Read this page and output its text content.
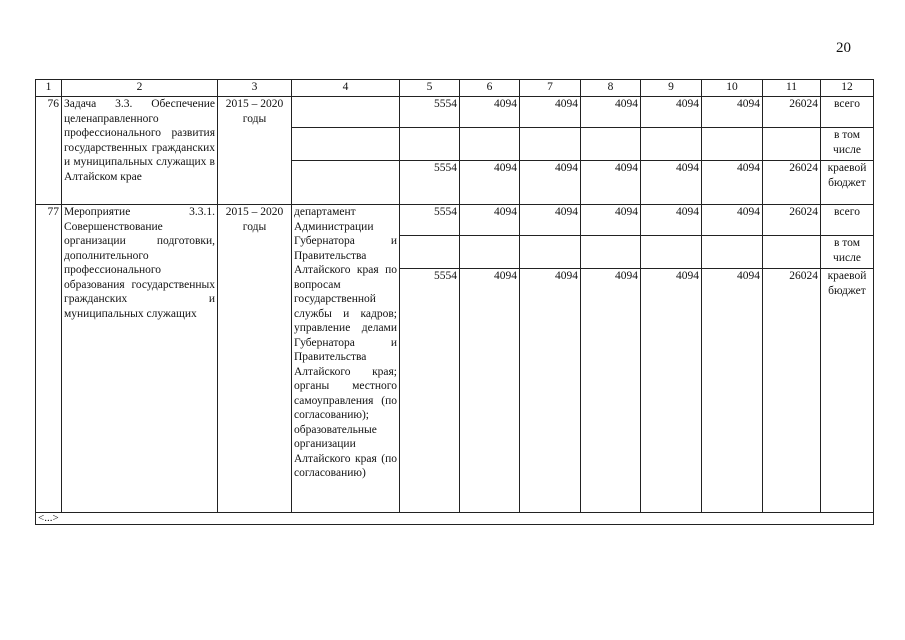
20
1	2	3	4	5	6	7	8	9	10	11	12
76	Задача 3.3. Обеспечение целенаправленного профессионального развития государственных гражданских и муниципальных служащих в Алтайском крае	2015 – 2020 годы		5554	4094	4094	4094	4094	4094	26024	всего
											в том числе
				5554	4094	4094	4094	4094	4094	26024	краевой бюджет
77	Мероприятие 3.3.1. Совершенствование организации подготовки, дополнительного профессионального образования государственных гражданских и муниципальных служащих	2015 – 2020 годы	департамент Администрации Губернатора и Правительства Алтайского края по вопросам государственной службы и кадров; управление делами Губернатора и Правительства Алтайского края; органы местного самоуправления (по согласованию); образовательные организации Алтайского края (по согласованию)	5554	4094	4094	4094	4094	4094	26024	всего
											в том числе
				5554	4094	4094	4094	4094	4094	26024	краевой бюджет
<...>											
